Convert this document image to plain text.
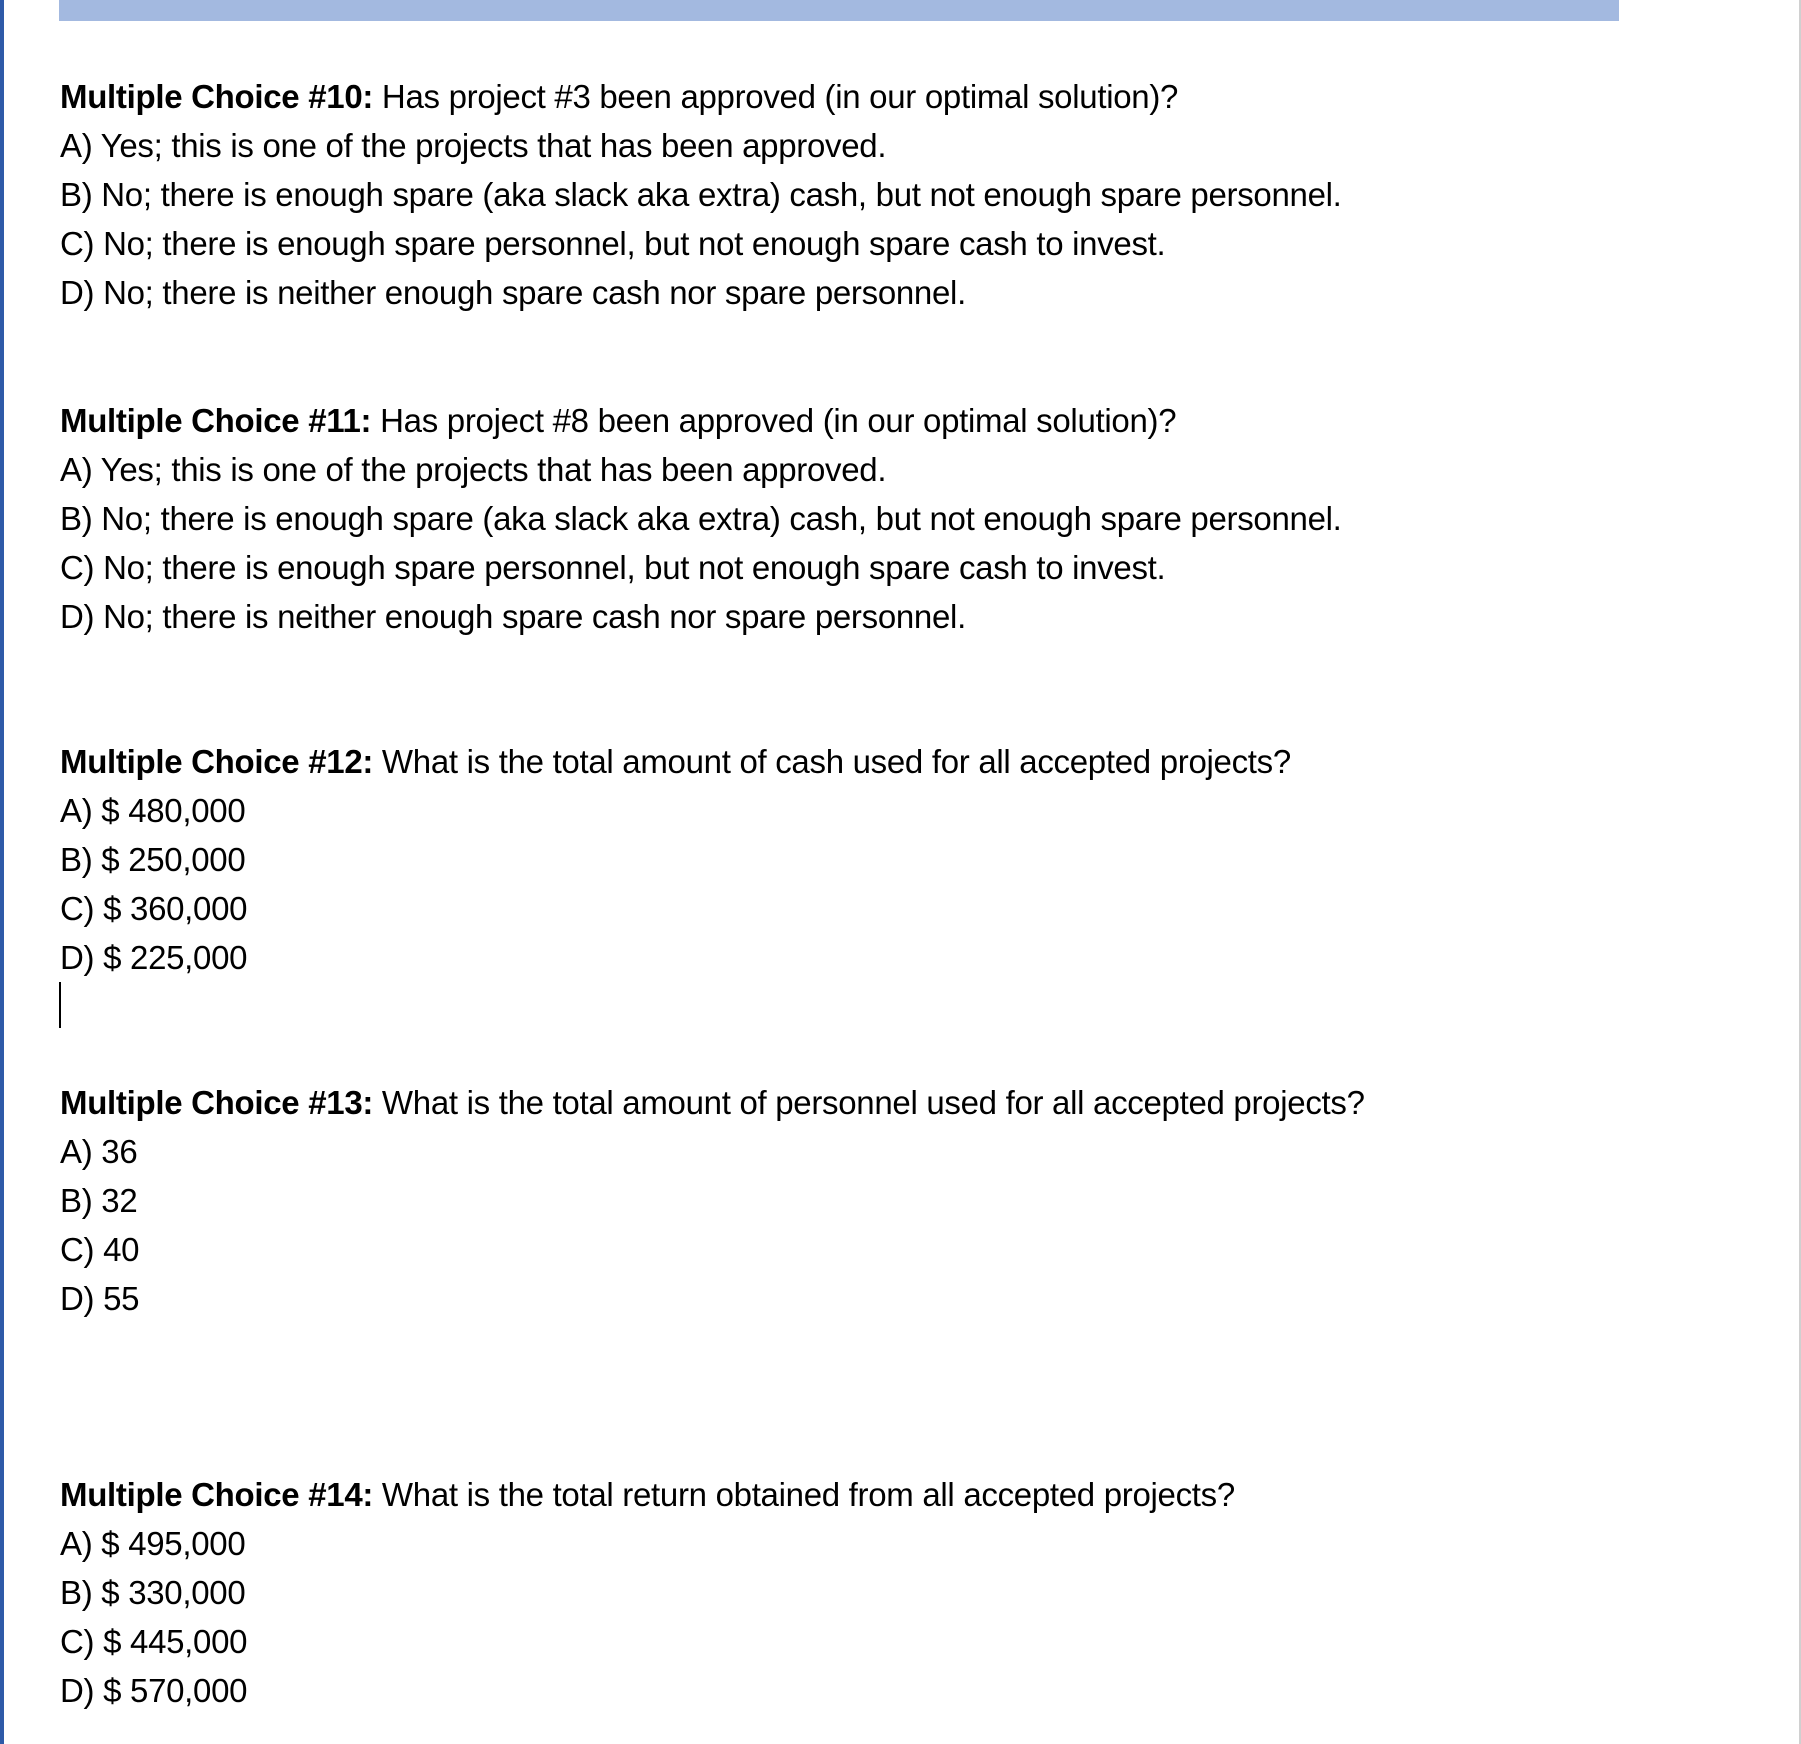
Multiple Choice #10: Has project #3 been approved (in our optimal solution)?
A) Yes; this is one of the projects that has been approved.
B) No; there is enough spare (aka slack aka extra) cash, but not enough spare personnel.
C) No; there is enough spare personnel, but not enough spare cash to invest.
D) No; there is neither enough spare cash nor spare personnel.
Multiple Choice #11: Has project #8 been approved (in our optimal solution)?
A) Yes; this is one of the projects that has been approved.
B) No; there is enough spare (aka slack aka extra) cash, but not enough spare personnel.
C) No; there is enough spare personnel, but not enough spare cash to invest.
D) No; there is neither enough spare cash nor spare personnel.
Multiple Choice #12: What is the total amount of cash used for all accepted projects?
A) $ 480,000
B) $ 250,000
C) $ 360,000
D) $ 225,000
Multiple Choice #13: What is the total amount of personnel used for all accepted projects?
A) 36
B) 32
C) 40
D) 55
Multiple Choice #14: What is the total return obtained from all accepted projects?
A) $ 495,000
B) $ 330,000
C) $ 445,000
D) $ 570,000
